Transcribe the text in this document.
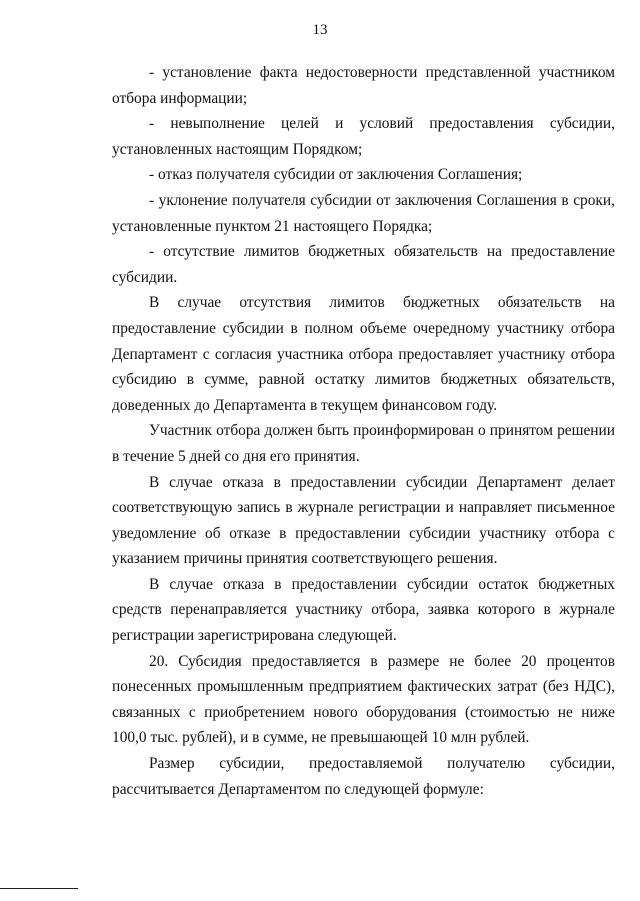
13

- установление факта недостоверности представленной участником отбора информации;

- невыполнение целей и условий предоставления субсидии, установленных настоящим Порядком;

- отказ получателя субсидии от заключения Соглашения;

- уклонение получателя субсидии от заключения Соглашения в сроки, установленные пунктом 21 настоящего Порядка;

- отсутствие лимитов бюджетных обязательств на предоставление субсидии.

В случае отсутствия лимитов бюджетных обязательств на предоставление субсидии в полном объеме очередному участнику отбора Департамент с согласия участника отбора предоставляет участнику отбора субсидию в сумме, равной остатку лимитов бюджетных обязательств, доведенных до Департамента в текущем финансовом году.

Участник отбора должен быть проинформирован о принятом решении в течение 5 дней со дня его принятия.

В случае отказа в предоставлении субсидии Департамент делает соответствующую запись в журнале регистрации и направляет письменное уведомление об отказе в предоставлении субсидии участнику отбора с указанием причины принятия соответствующего решения.

В случае отказа в предоставлении субсидии остаток бюджетных средств перенаправляется участнику отбора, заявка которого в журнале регистрации зарегистрирована следующей.

20. Субсидия предоставляется в размере не более 20 процентов понесенных промышленным предприятием фактических затрат (без НДС), связанных с приобретением нового оборудования (стоимостью не ниже 100,0 тыс. рублей), и в сумме, не превышающей 10 млн рублей.

Размер субсидии, предоставляемой получателю субсидии, рассчитывается Департаментом по следующей формуле:
